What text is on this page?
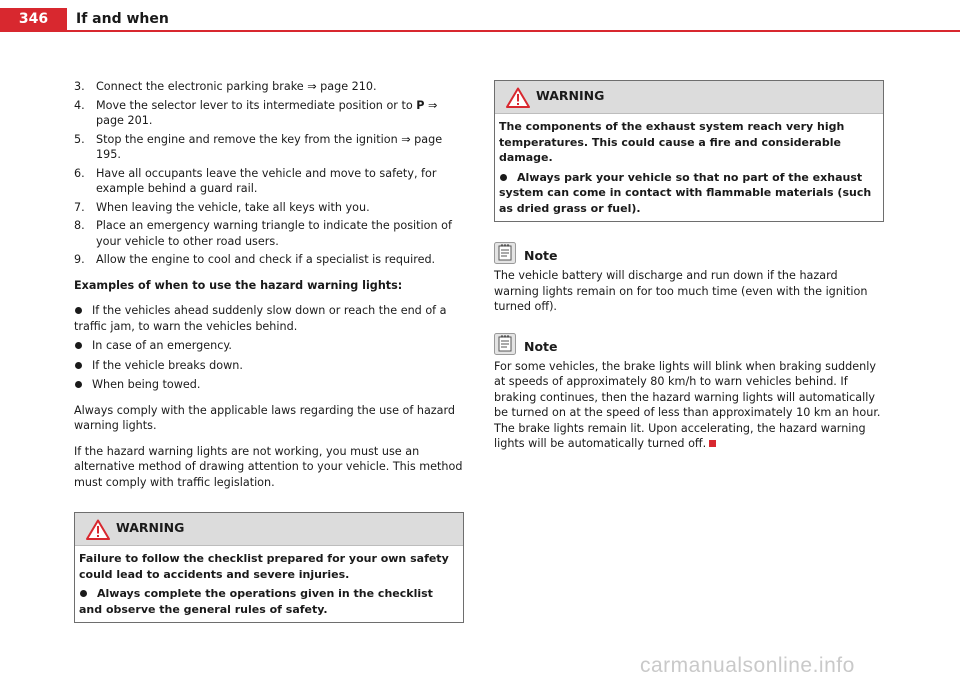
346	If and when
3. Connect the electronic parking brake ⇒ page 210.
4. Move the selector lever to its intermediate position or to P ⇒ page 201.
5. Stop the engine and remove the key from the ignition ⇒ page 195.
6. Have all occupants leave the vehicle and move to safety, for example behind a guard rail.
7. When leaving the vehicle, take all keys with you.
8. Place an emergency warning triangle to indicate the position of your vehicle to other road users.
9. Allow the engine to cool and check if a specialist is required.

Examples of when to use the hazard warning lights:

If the vehicles ahead suddenly slow down or reach the end of a traffic jam, to warn the vehicles behind.
In case of an emergency.
If the vehicle breaks down.
When being towed.

Always comply with the applicable laws regarding the use of hazard warning lights.

If the hazard warning lights are not working, you must use an alternative method of drawing attention to your vehicle. This method must comply with traffic legislation.

WARNING
Failure to follow the checklist prepared for your own safety could lead to accidents and severe injuries.
Always complete the operations given in the checklist and observe the general rules of safety.
WARNING
The components of the exhaust system reach very high temperatures. This could cause a fire and considerable damage.
Always park your vehicle so that no part of the exhaust system can come in contact with flammable materials (such as dried grass or fuel).
Note

The vehicle battery will discharge and run down if the hazard warning lights remain on for too much time (even with the ignition turned off).

Note

For some vehicles, the brake lights will blink when braking suddenly at speeds of approximately 80 km/h to warn vehicles behind. If braking continues, then the hazard warning lights will automatically be turned on at the speed of less than approximately 10 km an hour. The brake lights remain lit. Upon accelerating, the hazard warning lights will be automatically turned off.

carmanualsonline.info
